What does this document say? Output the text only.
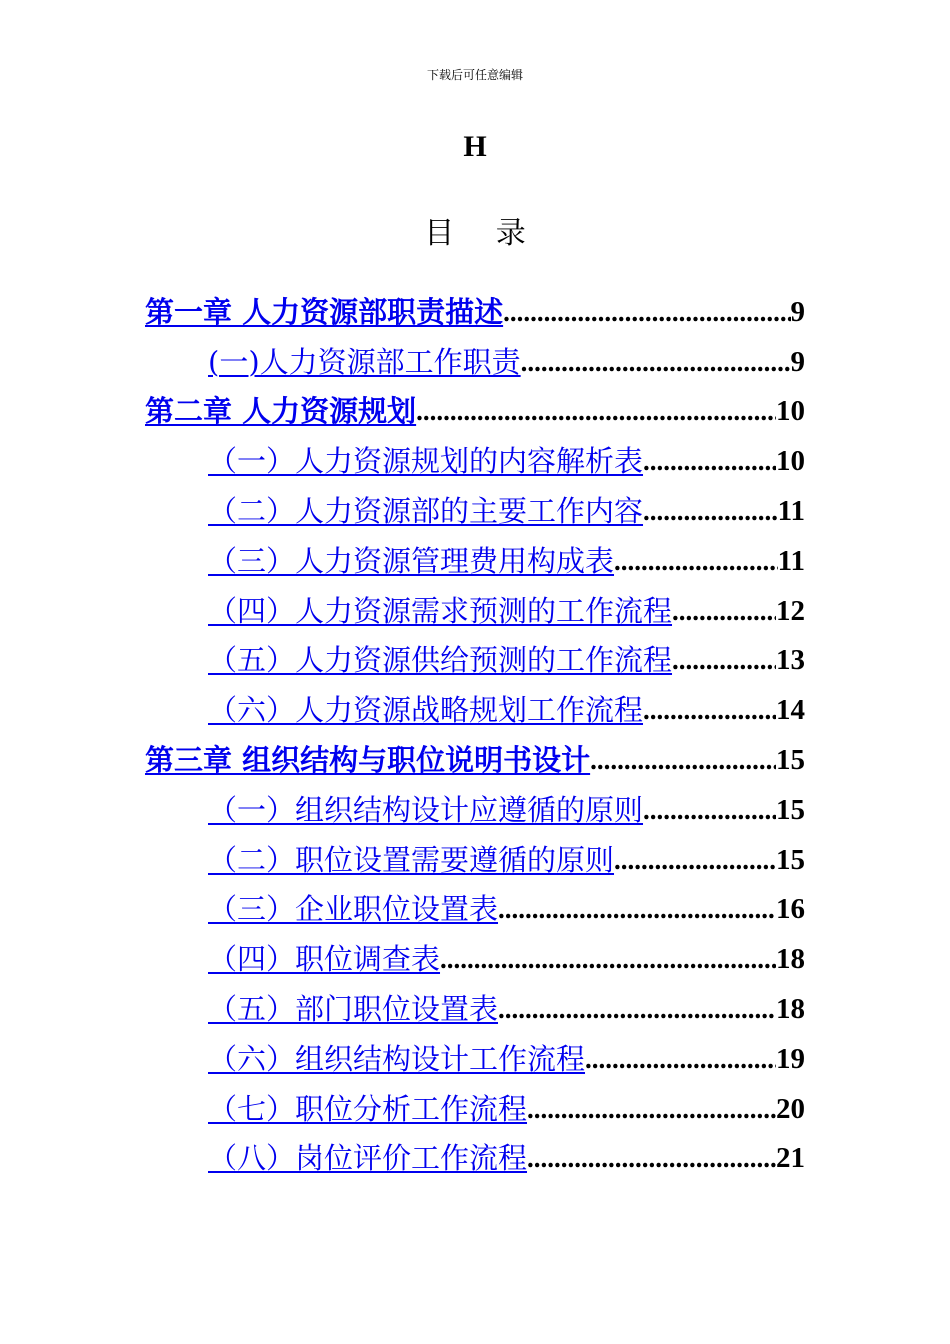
下载后可任意编辑
H
目 录
第一章 人力资源部职责描述 .....	9
(一)人力资源部工作职责 .....	9
第二章 人力资源规划 .....	10
（一）人力资源规划的内容解析表 .....	10
（二）人力资源部的主要工作内容 .....	11
（三）人力资源管理费用构成表 .....	11
（四）人力资源需求预测的工作流程 .....	12
（五）人力资源供给预测的工作流程 .....	13
（六）人力资源战略规划工作流程 .....	14
第三章 组织结构与职位说明书设计 .....	15
（一）组织结构设计应遵循的原则 .....	15
（二）职位设置需要遵循的原则 .....	15
（三）企业职位设置表 .....	16
（四）职位调查表 .....	18
（五）部门职位设置表 .....	18
（六）组织结构设计工作流程 .....	19
（七）职位分析工作流程 .....	20
（八）岗位评价工作流程 .....	21
